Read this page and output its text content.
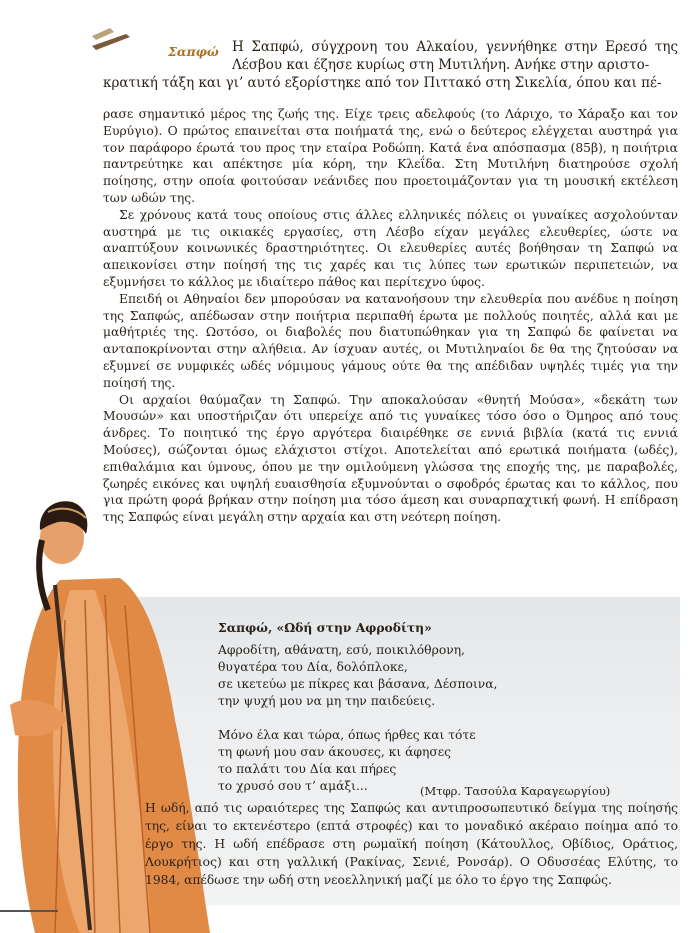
Σαπφώ Η Σαπφώ, σύγχρονη του Αλκαίου, γεννήθηκε στην Ερεσό της Λέσβου και έζησε κυρίως στη Μυτιλήνη. Ανήκε στην αριστο-
κρατική τάξη και γι’ αυτό εξορίστηκε από τον Πιττακό στη Σικελία, όπου και πέ-

ρασε σημαντικό μέρος της ζωής της. Είχε τρεις αδελφούς (το Λάριχο, το Χάραξο και τον Ευρύγιο). Ο πρώτος επαινείται στα ποιήματά της, ενώ ο δεύτερος ελέγχεται αυστηρά για τον παράφορο έρωτά του προς την εταίρα Ροδώπη. Κατά ένα απόσπασμα (85β), η ποιήτρια παντρεύτηκε και απέκτησε μία κόρη, την Κλεΐδα. Στη Μυτιλήνη διατηρούσε σχολή ποίησης, στην οποία φοιτούσαν νεάνιδες που προετοιμάζονταν για τη μουσική εκτέλεση των ωδών της.

Σε χρόνους κατά τους οποίους στις άλλες ελληνικές πόλεις οι γυναίκες ασχολούνταν αυστηρά με τις οικιακές εργασίες, στη Λέσβο είχαν μεγάλες ελευθερίες, ώστε να αναπτύξουν κοινωνικές δραστηριότητες. Οι ελευθερίες αυτές βοήθησαν τη Σαπφώ να απεικονίσει στην ποίησή της τις χαρές και τις λύπες των ερωτικών περιπετειών, να εξυμνήσει το κάλλος με ιδιαίτερο πάθος και περίτεχνο ύφος.

Επειδή οι Αθηναίοι δεν μπορούσαν να κατανοήσουν την ελευθερία που ανέδυε η ποίηση της Σαπφώς, απέδωσαν στην ποιήτρια περιπαθή έρωτα με πολλούς ποιητές, αλλά και με μαθήτριές της. Ωστόσο, οι διαβολές που διατυπώθηκαν για τη Σαπφώ δε φαίνεται να ανταποκρίνονται στην αλήθεια. Αν ίσχυαν αυτές, οι Μυτιληναίοι δε θα της ζητούσαν να εξυμνεί σε νυμφικές ωδές νόμιμους γάμους ούτε θα της απέδιδαν υψηλές τιμές για την ποίησή της.

Οι αρχαίοι θαύμαζαν τη Σαπφώ. Την αποκαλούσαν «θνητή Μούσα», «δεκάτη των Μουσών» και υποστήριζαν ότι υπερείχε από τις γυναίκες τόσο όσο ο Όμηρος από τους άνδρες. Το ποιητικό της έργο αργότερα διαιρέθηκε σε εννιά βιβλία (κατά τις εννιά Μούσες), σώζονται όμως ελάχιστοι στίχοι. Αποτελείται από ερωτικά ποιήματα (ωδές), επιθαλάμια και ύμνους, όπου με την ομιλούμενη γλώσσα της εποχής της, με παραβολές, ζωηρές εικόνες και υψηλή ευαισθησία εξυμνούνται ο σφοδρός έρωτας και το κάλλος, που για πρώτη φορά βρήκαν στην ποίηση μια τόσο άμεση και συναρπαχτική φωνή. Η επίδραση της Σαπφώς είναι μεγάλη στην αρχαία και στη νεότερη ποίηση.

Σαπφώ, «Ωδή στην Αφροδίτη»
Αφροδίτη, αθάνατη, εσύ, ποικιλόθρονη,
θυγατέρα του Δία, δολόπλοκε,
σε ικετεύω με πίκρες και βάσανα, Δέσποινα,
την ψυχή μου να μη την παιδεύεις.
Μόνο έλα και τώρα, όπως ήρθες και τότε
τη φωνή μου σαν άκουσες, κι άφησες
το παλάτι του Δία και πήρες
το χρυσό σου τ’ αμάξι...	(Μτφρ. Τασούλα Καραγεωργίου)

Η ωδή, από τις ωραιότερες της Σαπφώς και αντιπροσωπευτικό δείγμα της ποίησής της, είναι το εκτενέστερο (επτά στροφές) και το μοναδικό ακέραιο ποίημα από το έργο της. Η ωδή επέδρασε στη ρωμαϊκή ποίηση (Κάτουλλος, Οβίδιος, Οράτιος, Λουκρήτιος) και στη γαλλική (Ρακίνας, Σενιέ, Ρονσάρ). Ο Οδυσσέας Ελύτης, το 1984, απέδωσε την ωδή στη νεοελληνική μαζί με όλο το έργο της Σαπφώς.
